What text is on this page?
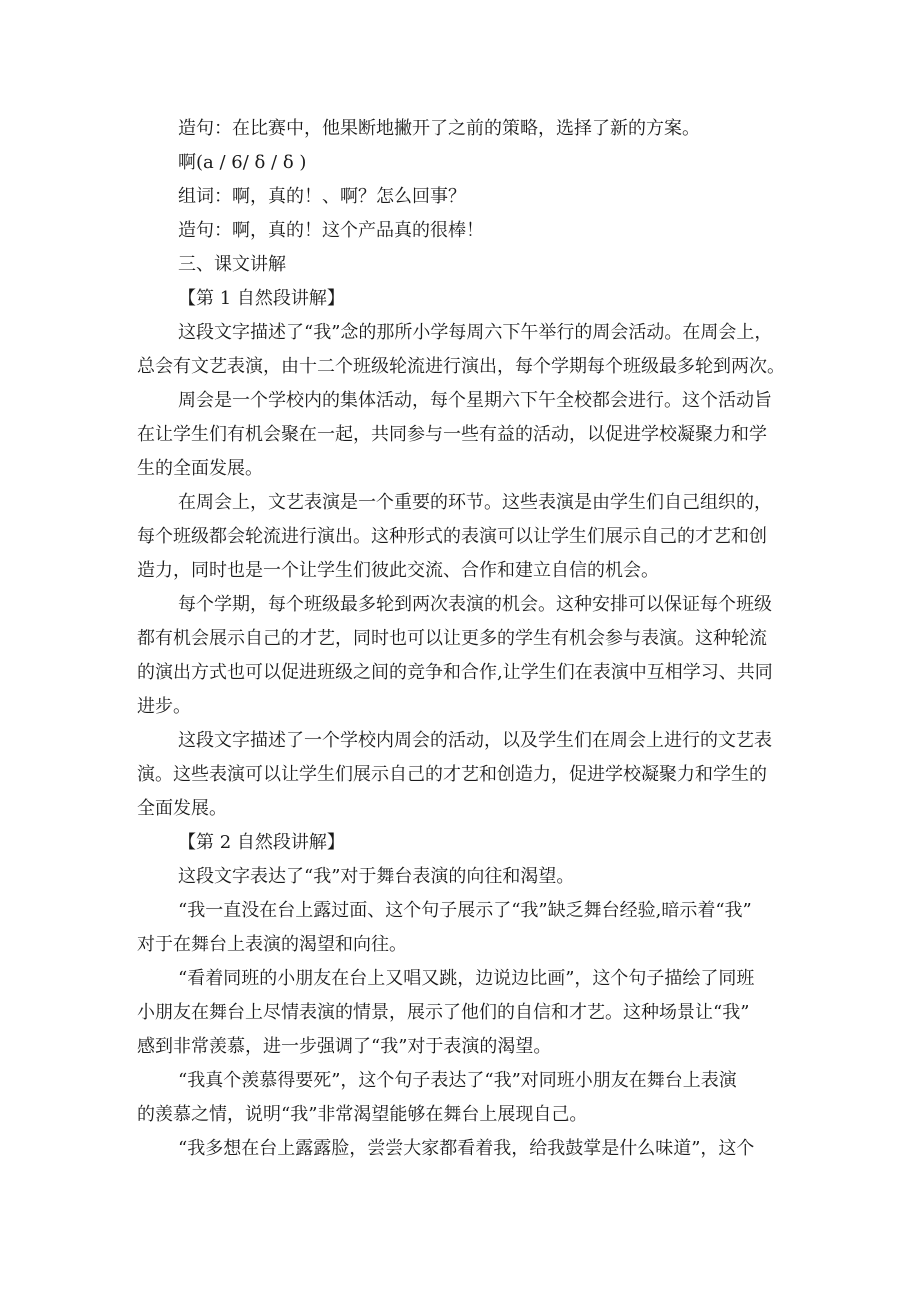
造句：在比赛中，他果断地撇开了之前的策略，选择了新的方案。

啊(a / 6/ δ / δ )

组词：啊，真的！、啊？怎么回事？

造句：啊，真的！这个产品真的很棒！

三、课文讲解

【第 1 自然段讲解】

这段文字描述了“我”念的那所小学每周六下午举行的周会活动。在周会上，

总会有文艺表演，由十二个班级轮流进行演出，每个学期每个班级最多轮到两次。

周会是一个学校内的集体活动，每个星期六下午全校都会进行。这个活动旨

在让学生们有机会聚在一起，共同参与一些有益的活动，以促进学校凝聚力和学

生的全面发展。

在周会上，文艺表演是一个重要的环节。这些表演是由学生们自己组织的，

每个班级都会轮流进行演出。这种形式的表演可以让学生们展示自己的才艺和创

造力，同时也是一个让学生们彼此交流、合作和建立自信的机会。

每个学期，每个班级最多轮到两次表演的机会。这种安排可以保证每个班级

都有机会展示自己的才艺，同时也可以让更多的学生有机会参与表演。这种轮流

的演出方式也可以促进班级之间的竞争和合作,让学生们在表演中互相学习、共同

进步。

这段文字描述了一个学校内周会的活动，以及学生们在周会上进行的文艺表

演。这些表演可以让学生们展示自己的才艺和创造力，促进学校凝聚力和学生的

全面发展。

【第 2 自然段讲解】

这段文字表达了“我”对于舞台表演的向往和渴望。

“我一直没在台上露过面、这个句子展示了“我”缺乏舞台经验,暗示着“我”

对于在舞台上表演的渴望和向往。

“看着同班的小朋友在台上又唱又跳，边说边比画”，这个句子描绘了同班

小朋友在舞台上尽情表演的情景，展示了他们的自信和才艺。这种场景让“我”

感到非常羡慕，进一步强调了“我”对于表演的渴望。

“我真个羡慕得要死”，这个句子表达了“我”对同班小朋友在舞台上表演

的羡慕之情，说明“我”非常渴望能够在舞台上展现自己。

“我多想在台上露露脸，尝尝大家都看着我，给我鼓掌是什么味道”，这个
